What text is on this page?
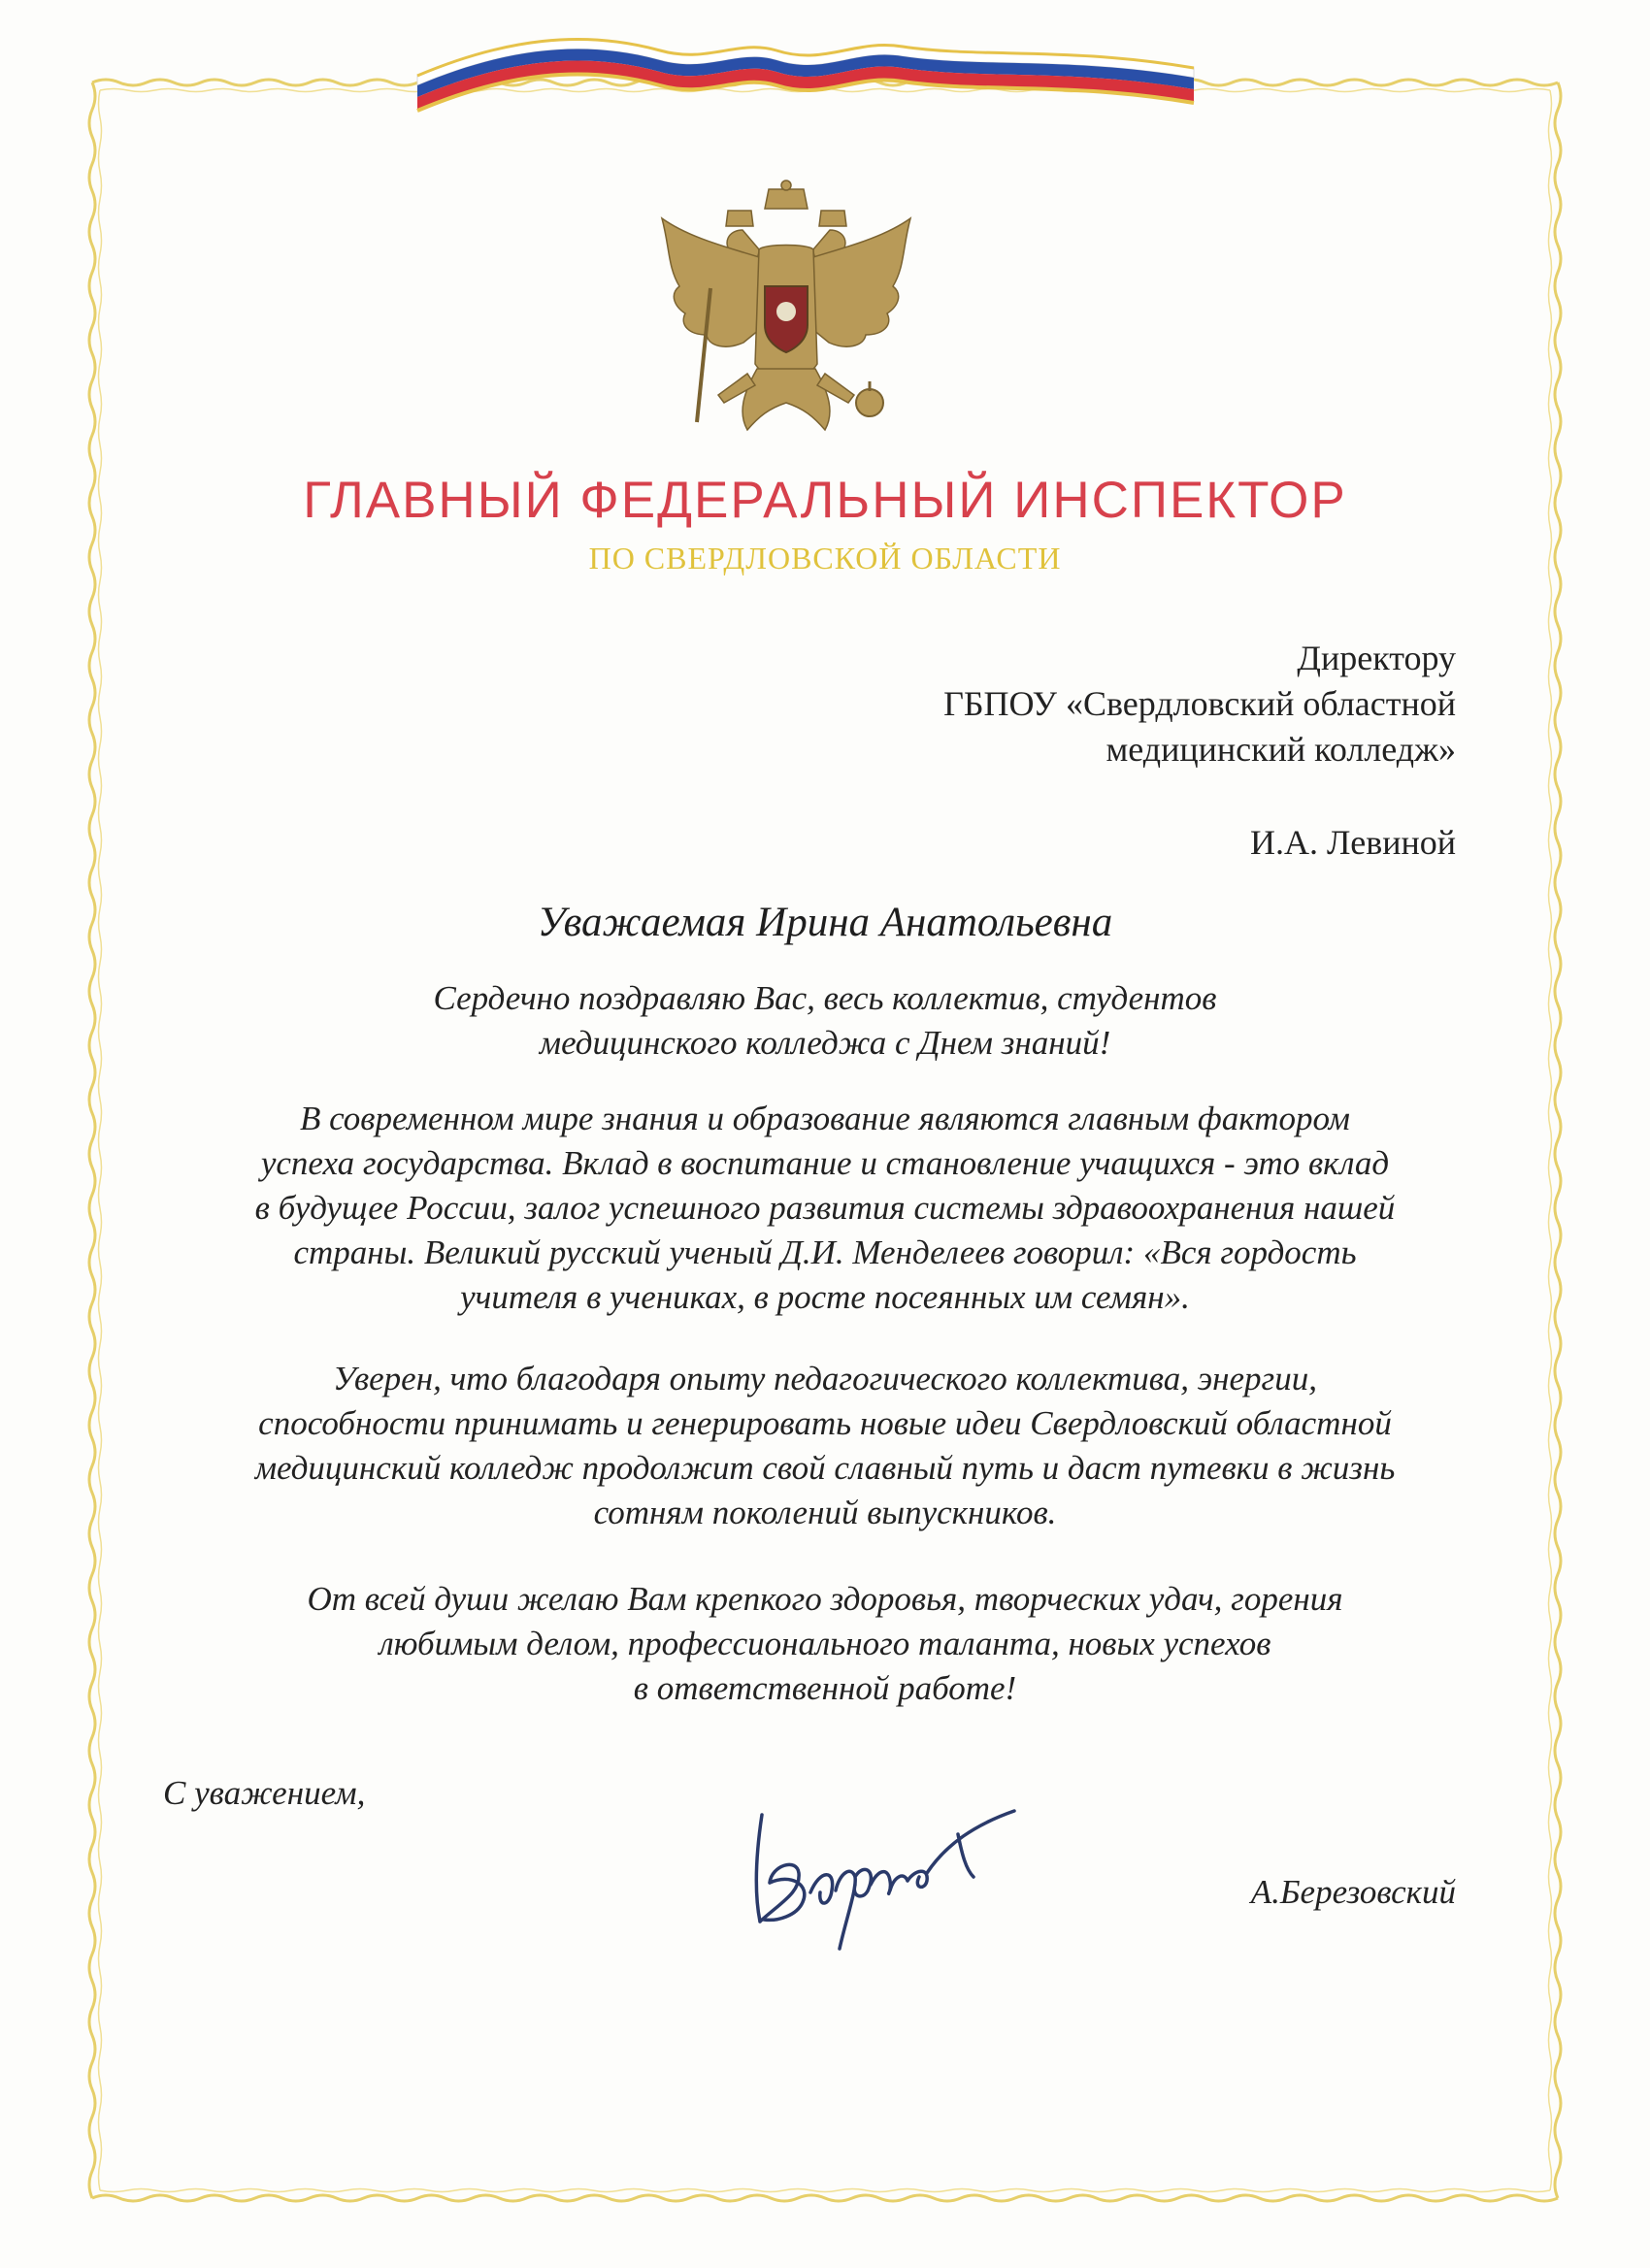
ГЛАВНЫЙ ФЕДЕРАЛЬНЫЙ ИНСПЕКТОР
ПО СВЕРДЛОВСКОЙ ОБЛАСТИ
Директору
ГБПОУ «Свердловский областной
медицинский колледж»
И.А. Левиной
Уважаемая Ирина Анатольевна
Сердечно поздравляю Вас, весь коллектив, студентов
медицинского колледжа с Днем знаний!
В современном мире знания и образование являются главным фактором
успеха государства. Вклад в воспитание и становление учащихся - это вклад
в будущее России, залог успешного развития системы здравоохранения нашей
страны. Великий русский ученый Д.И. Менделеев говорил: «Вся гордость
учителя в учениках, в росте посеянных им семян».
Уверен, что благодаря опыту педагогического коллектива, энергии,
способности принимать и генерировать новые идеи Свердловский областной
медицинский колледж продолжит свой славный путь и даст путевки в жизнь
сотням поколений выпускников.
От всей души желаю Вам крепкого здоровья, творческих удач, горения
любимым делом, профессионального таланта, новых успехов
в ответственной работе!
С уважением,
А.Березовский
